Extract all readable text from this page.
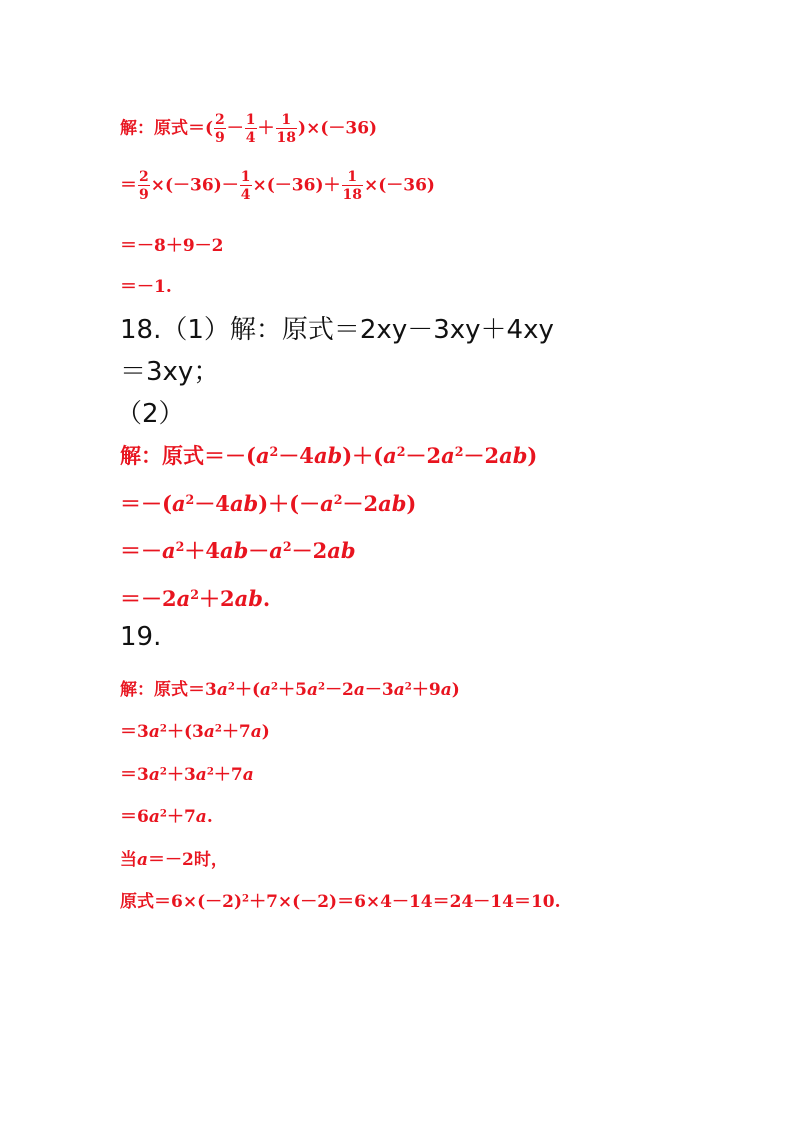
解：原式＝( $\frac{2}{9} - \frac{1}{4} + \frac{1}{18} )\times(-36)$
＝ $\frac{2}{9} \times(-36)- \frac{1}{4} \times(-36)+ \frac{1}{18} \times(-36)$
＝－8＋9－2
＝－1.
18.（1）解：原式＝2xy－3xy＋4xy
＝3xy；
（2）
解：原式$=-(a^2-4ab)+(a^2-2a^2-2ab)$
$=-(a^2-4ab)+(-a^2-2ab)$
$=-a^2+4ab-a^2-2ab$
$=-2a^2+2ab$.
19.
解：原式$=3a^2+(a^2+5a^2-2a-3a^2+9a)$
$=3a^2+(3a^2+7a)$
$=3a^2+3a^2+7a$
$=6a^2+7a$.
当a＝－2时，
原式$=6\times(-2)^2+7\times(-2)=6\times 4-14=24-14=10$.
